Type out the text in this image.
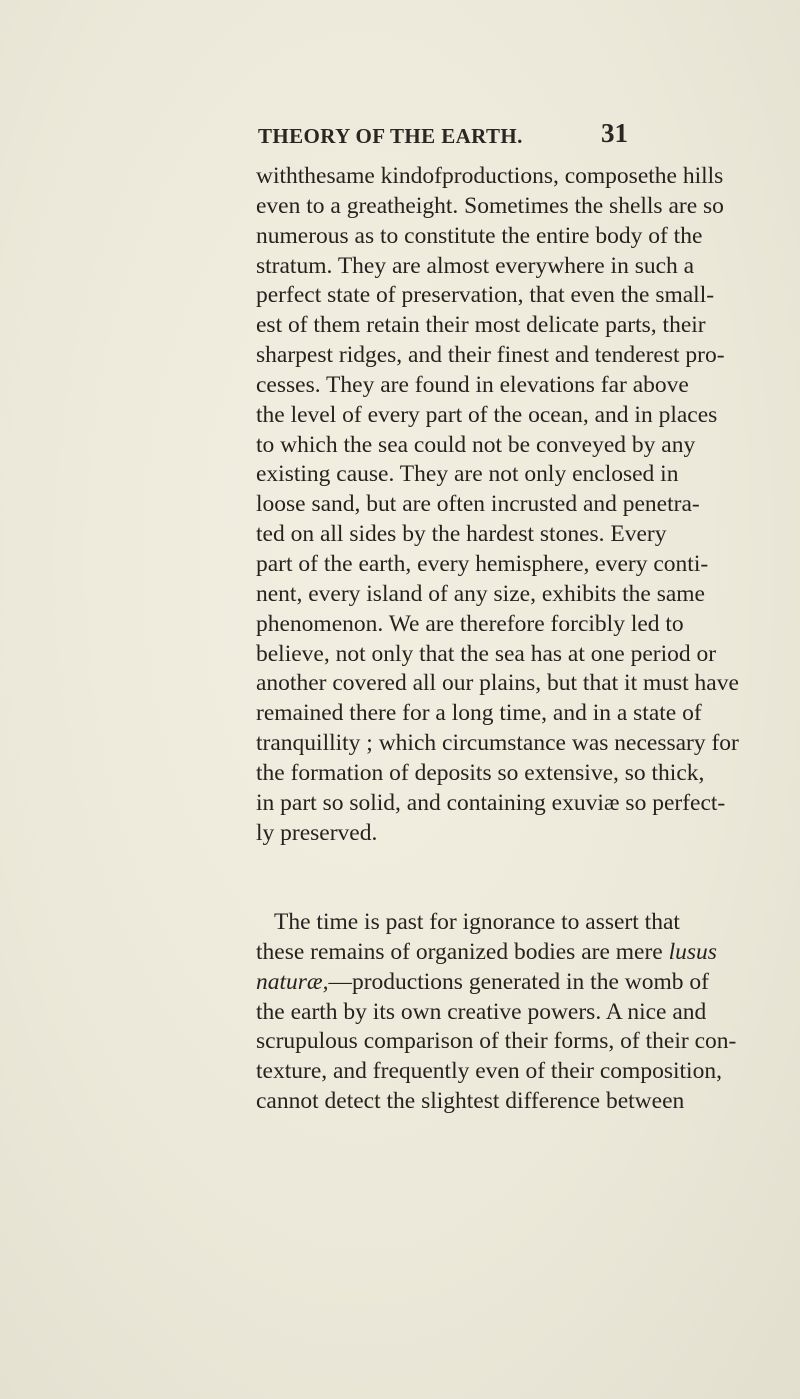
THEORY OF THE EARTH.	31
withthesame kindofproductions, composethe hills
even to a greatheight. Sometimes the shells are so
numerous as to constitute the entire body of the
stratum. They are almost everywhere in such a
perfect state of preservation, that even the small-
est of them retain their most delicate parts, their
sharpest ridges, and their finest and tenderest pro-
cesses. They are found in elevations far above
the level of every part of the ocean, and in places
to which the sea could not be conveyed by any
existing cause. They are not only enclosed in
loose sand, but are often incrusted and penetra-
ted on all sides by the hardest stones. Every
part of the earth, every hemisphere, every conti-
nent, every island of any size, exhibits the same
phenomenon. We are therefore forcibly led to
believe, not only that the sea has at one period or
another covered all our plains, but that it must have
remained there for a long time, and in a state of
tranquillity ; which circumstance was necessary for
the formation of deposits so extensive, so thick,
in part so solid, and containing exuviæ so perfect-
ly preserved.
The time is past for ignorance to assert that
these remains of organized bodies are mere lusus
naturæ,—productions generated in the womb of
the earth by its own creative powers. A nice and
scrupulous comparison of their forms, of their con-
texture, and frequently even of their composition,
cannot detect the slightest difference between
